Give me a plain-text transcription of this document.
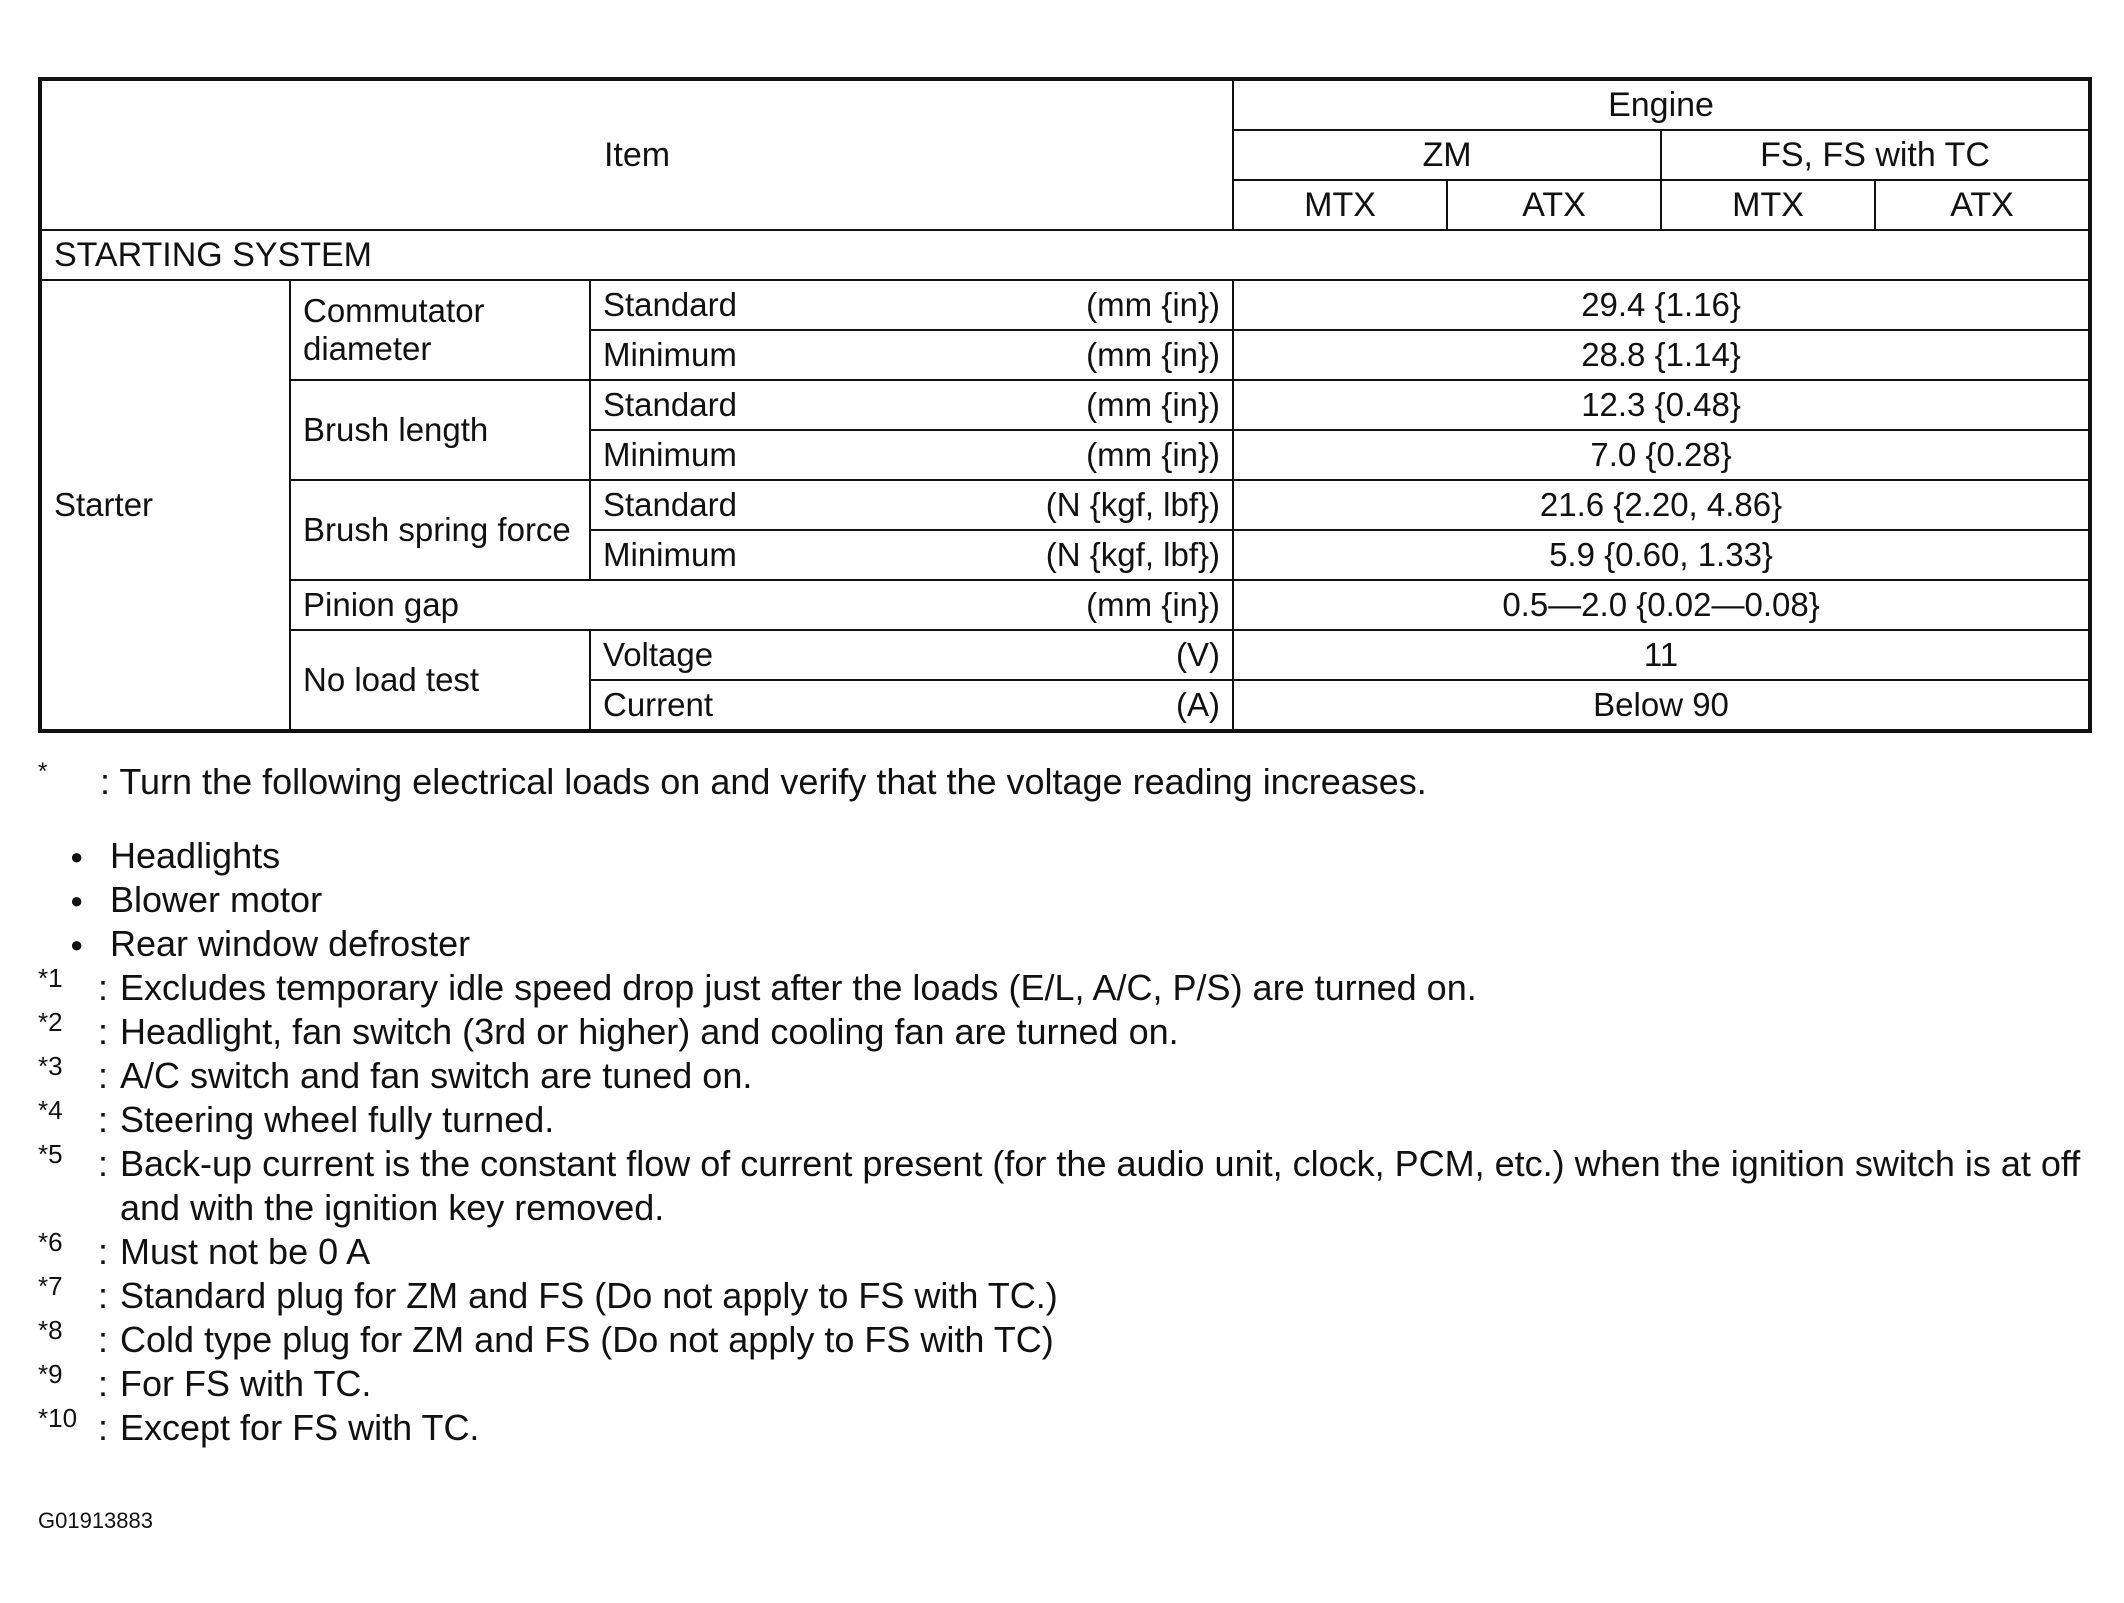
Item			Engine			
			ZM		FS, FS with TC	
			MTX	ATX	MTX	ATX
STARTING SYSTEM						
Starter	Commutator diameter	Standard (mm {in})	29.4 {1.16}			

		Minimum (mm {in})	28.8 {1.14}			
	Brush length	Standard (mm {in})	12.3 {0.48}			

		Minimum (mm {in})	7.0 {0.28}			
	Brush spring force	Standard (N {kgf, lbf})	21.6 {2.20, 4.86}			

		Minimum (N {kgf, lbf})	5.9 {0.60, 1.33}			

	Pinion gap (mm {in})		0.5—2.0 {0.02—0.08}			
	No load test	Voltage (V)	11			

		Current (A)	Below 90			
* : Turn the following electrical loads on and verify that the voltage reading increases.
● Headlights
● Blower motor
● Rear window defroster
*1 : Excludes temporary idle speed drop just after the loads (E/L, A/C, P/S) are turned on.
*2 : Headlight, fan switch (3rd or higher) and cooling fan are turned on.
*3 : A/C switch and fan switch are tuned on.
*4 : Steering wheel fully turned.
*5 : Back-up current is the constant flow of current present (for the audio unit, clock, PCM, etc.) when the ignition switch is at off and with the ignition key removed.
*6 : Must not be 0 A
*7 : Standard plug for ZM and FS (Do not apply to FS with TC.)
*8 : Cold type plug for ZM and FS (Do not apply to FS with TC)
*9 : For FS with TC.
*10 : Except for FS with TC.
G01913883
